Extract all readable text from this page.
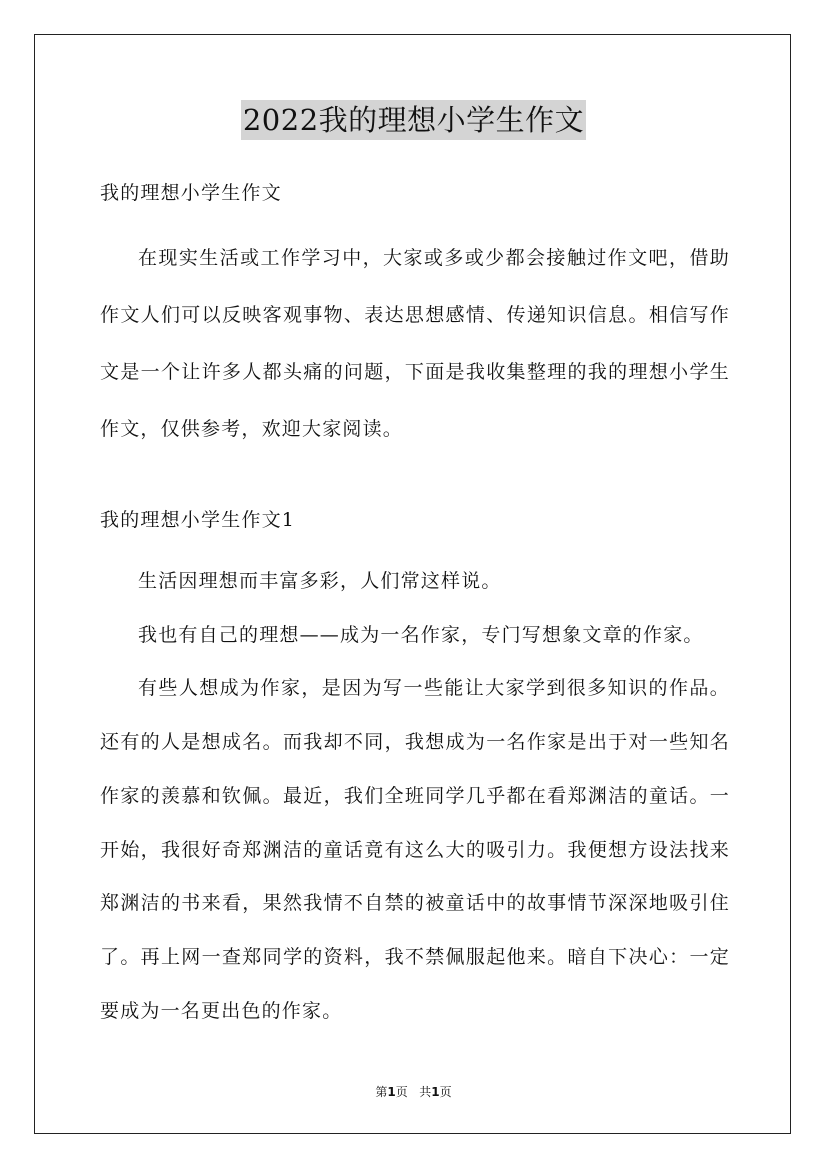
2022我的理想小学生作文
我的理想小学生作文

在现实生活或工作学习中，大家或多或少都会接触过作文吧，借助作文人们可以反映客观事物、表达思想感情、传递知识信息。相信写作文是一个让许多人都头痛的问题，下面是我收集整理的我的理想小学生作文，仅供参考，欢迎大家阅读。

我的理想小学生作文1

生活因理想而丰富多彩，人们常这样说。

我也有自己的理想——成为一名作家，专门写想象文章的作家。

有些人想成为作家，是因为写一些能让大家学到很多知识的作品。还有的人是想成名。而我却不同，我想成为一名作家是出于对一些知名作家的羡慕和钦佩。最近，我们全班同学几乎都在看郑渊洁的童话。一开始，我很好奇郑渊洁的童话竟有这么大的吸引力。我便想方设法找来郑渊洁的书来看，果然我情不自禁的被童话中的故事情节深深地吸引住了。再上网一查郑同学的资料，我不禁佩服起他来。暗自下决心：一定要成为一名更出色的作家。

第1页   共1页
